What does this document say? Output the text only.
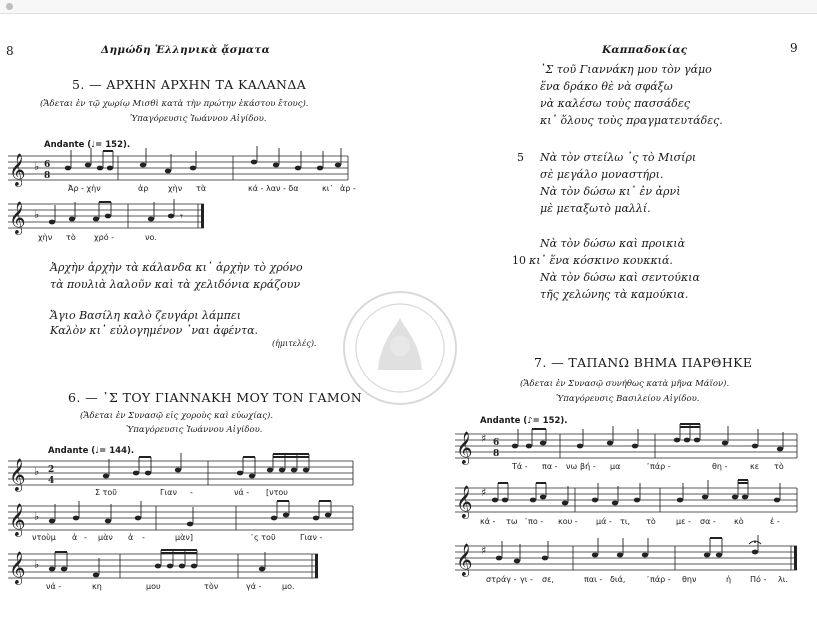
8	Δημώδη Ἑλληνικὰ ᾄσματα	Καππαδοκίας	9
5. — ΑΡΧΗΝ ΑΡΧΗΝ ΤΑ ΚΑΛΑΝΔΑ
(Ἄδεται ἐν τῷ χωρίῳ Μισθὶ κατὰ τὴν πρώτην ἑκάστου ἔτους).
Ὑπαγόρευσις Ἰωάννου Αἰγίδου.
Andante (♩= 152).
𝄞 ♭ 6
8
Ἀρ - χὴν	ἀρ χὴν τὰ	κά - λαν - δα	κι᾽ ἀρ -
𝄞 ♭	𝄾
χὴν τὸ χρό -	νο.
Ἀρχὴν ἀρχὴν τὰ κάλανδα κι᾽ ἀρχὴν τὸ χρόνο
τὰ πουλιὰ λαλοῦν καὶ τὰ χελιδόνια κράζουν
Ἄγιο Βασίλη καλὸ ζευγάρι λάμπει
Καλὸν κι᾽ εὐλογημένον ᾽ναι ἀφέντα.
(ἡμιτελές).
6. — ᾽Σ ΤΟΥ ΓΙΑΝΝΑΚΗ ΜΟΥ ΤΟΝ ΓΑΜΟΝ
(Ἄδεται ἐν Συνασῷ εἰς χοροὺς καὶ εὐωχίας).
Ὑπαγόρευσις Ἰωάννου Αἰγίδου.
Andante (♩= 144).
𝄞 ♭ 2
4
Σ τοῦ	Γιαν -	νά - [ντου
𝄞 ♭
ντοὺμ ἀ - μὰν ἀ -	μὰν]	᾽ς τοῦ	Γιαν -
𝄞 ♭
νά -	κη	μου	τὸν	γά -	μο.
᾽Σ τοῦ Γιαννάκη μου τὸν γάμο
ἕνα δράκο θὲ νὰ σφάξω
νὰ καλέσω τοὺς πασσάδες
κι᾽ ὅλους τοὺς πραγματευτάδες.
5 Νὰ τὸν στείλω ᾽ς τὸ Μισίρι
σὲ μεγάλο μοναστήρι.
Νὰ τὸν δώσω κι᾽ ἐν ἀρνὶ
μὲ μεταξωτὸ μαλλί.
Νὰ τὸν δώσω καὶ προικιὰ
10 κι᾽ ἕνα κόσκινο κουκκιά.
Νὰ τὸν δώσω καὶ σεντούκια
τῆς χελώνης τὰ καμούκια.
7. — ΤΑΠΑΝΩ ΒΗΜΑ ΠΑΡΘΗΚΕ
(Ἄδεται ἐν Συνασῷ συνήθως κατὰ μῆνα Μάϊον).
Ὑπαγόρευσις Βασιλείου Αἰγίδου.
Andante (♪= 152).
𝄞 ♯ 6
8
Τά - πα - νω βή - μα	᾽πάρ -	θη -	κε τὸ
𝄞 ♯
κά - τω ᾽πο - κου - μά - τι, τὸ	με - σα - κὸ	ἐ -
𝄞 ♯
στράγ - γι - σε,	παι - διά,	᾽πάρ - θην	ἡ Πό - λι.
